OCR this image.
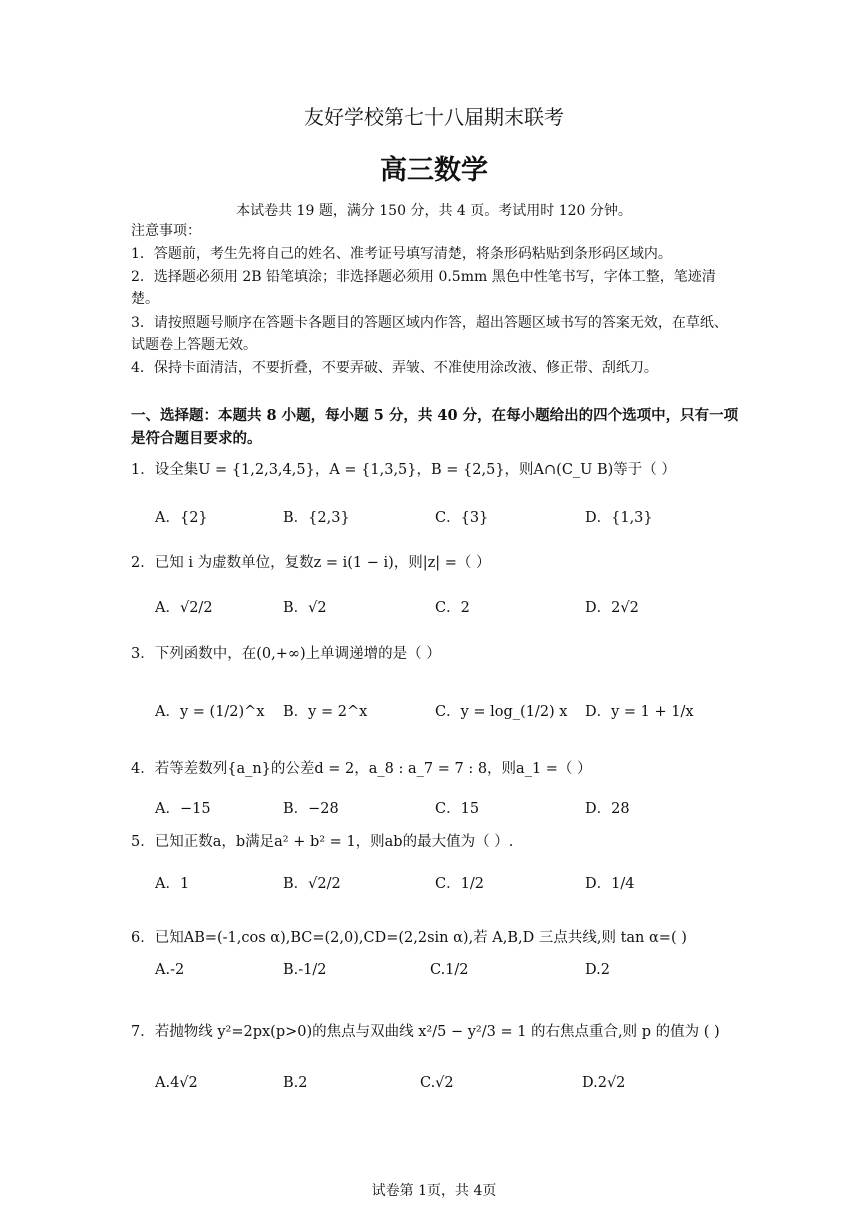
友好学校第七十八届期末联考
高三数学
本试卷共 19 题，满分 150 分，共 4 页。考试用时 120 分钟。
注意事项：
1．答题前，考生先将自己的姓名、准考证号填写清楚，将条形码粘贴到条形码区域内。
2．选择题必须用 2B 铅笔填涂；非选择题必须用 0.5mm 黑色中性笔书写，字体工整，笔迹清楚。
3．请按照题号顺序在答题卡各题目的答题区域内作答，超出答题区域书写的答案无效，在草纸、试题卷上答题无效。
4．保持卡面清洁，不要折叠，不要弄破、弄皱、不准使用涂改液、修正带、刮纸刀。
一、选择题：本题共 8 小题，每小题 5 分，共 40 分，在每小题给出的四个选项中，只有一项是符合题目要求的。
1．设全集U = {1,2,3,4,5}，A = {1,3,5}，B = {2,5}，则A∩(C_U B)等于（ ）
A．{2}	B．{2,3}	C．{3}	D．{1,3}
2．已知 i 为虚数单位，复数z = i(1 − i)，则|z| =（ ）
A．√2/2	B．√2	C．2	D．2√2
3．下列函数中，在(0,+∞)上单调递增的是（ ）
A．y = (1/2)^x B．y = 2^x	C．y = log_(1/2) x D．y = 1 + 1/x
4．若等差数列{a_n}的公差d = 2，a_8 : a_7 = 7 : 8，则a_1 =（ ）
A．−15	B．−28	C．15	D．28
5．已知正数a，b满足a² + b² = 1，则ab的最大值为（ ）.
A．1	B．√2/2	C．1/2	D．1/4
6．已知AB=(-1,cos α),BC=(2,0),CD=(2,2sin α),若 A,B,D 三点共线,则 tan α=( )
A.-2	B.-1/2	C.1/2	D.2
7．若抛物线 y²=2px(p>0)的焦点与双曲线 x²/5 − y²/3 = 1 的右焦点重合,则 p 的值为 ( )
A.4√2	B.2	C.√2	D.2√2
试卷第 1页，共 4页
